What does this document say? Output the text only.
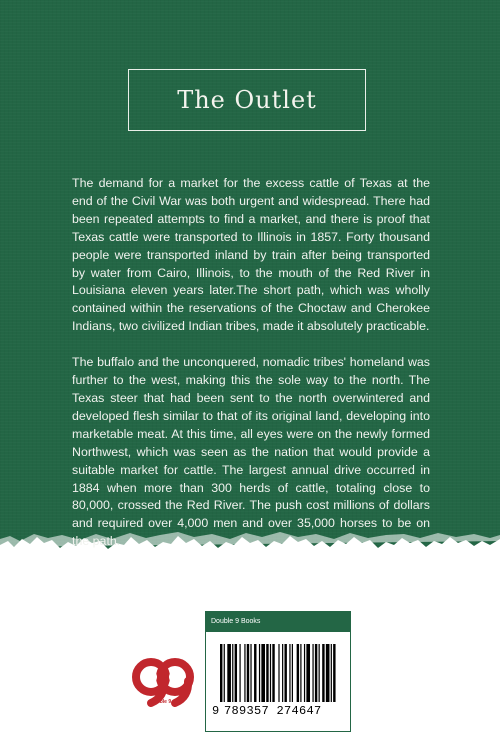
The Outlet

The demand for a market for the excess cattle of Texas at the end of the Civil War was both urgent and widespread. There had been repeated attempts to find a market, and there is proof that Texas cattle were transported to Illinois in 1857. Forty thousand people were transported inland by train after being transported by water from Cairo, Illinois, to the mouth of the Red River in Louisiana eleven years later.The short path, which was wholly contained within the reservations of the Choctaw and Cherokee Indians, two civilized Indian tribes, made it absolutely practicable.

The buffalo and the unconquered, nomadic tribes' homeland was further to the west, making this the sole way to the north. The Texas steer that had been sent to the north overwintered and developed flesh similar to that of its original land, developing into marketable meat. At this time, all eyes were on the newly formed Northwest, which was seen as the nation that would provide a suitable market for cattle. The largest annual drive occurred in 1884 when more than 300 herds of cattle, totaling close to 80,000, crossed the Red River. The push cost millions of dollars and required over 4,000 men and over 35,000 horses to be on the path.

Double 9
Double 9 Books
9 789357 274647
